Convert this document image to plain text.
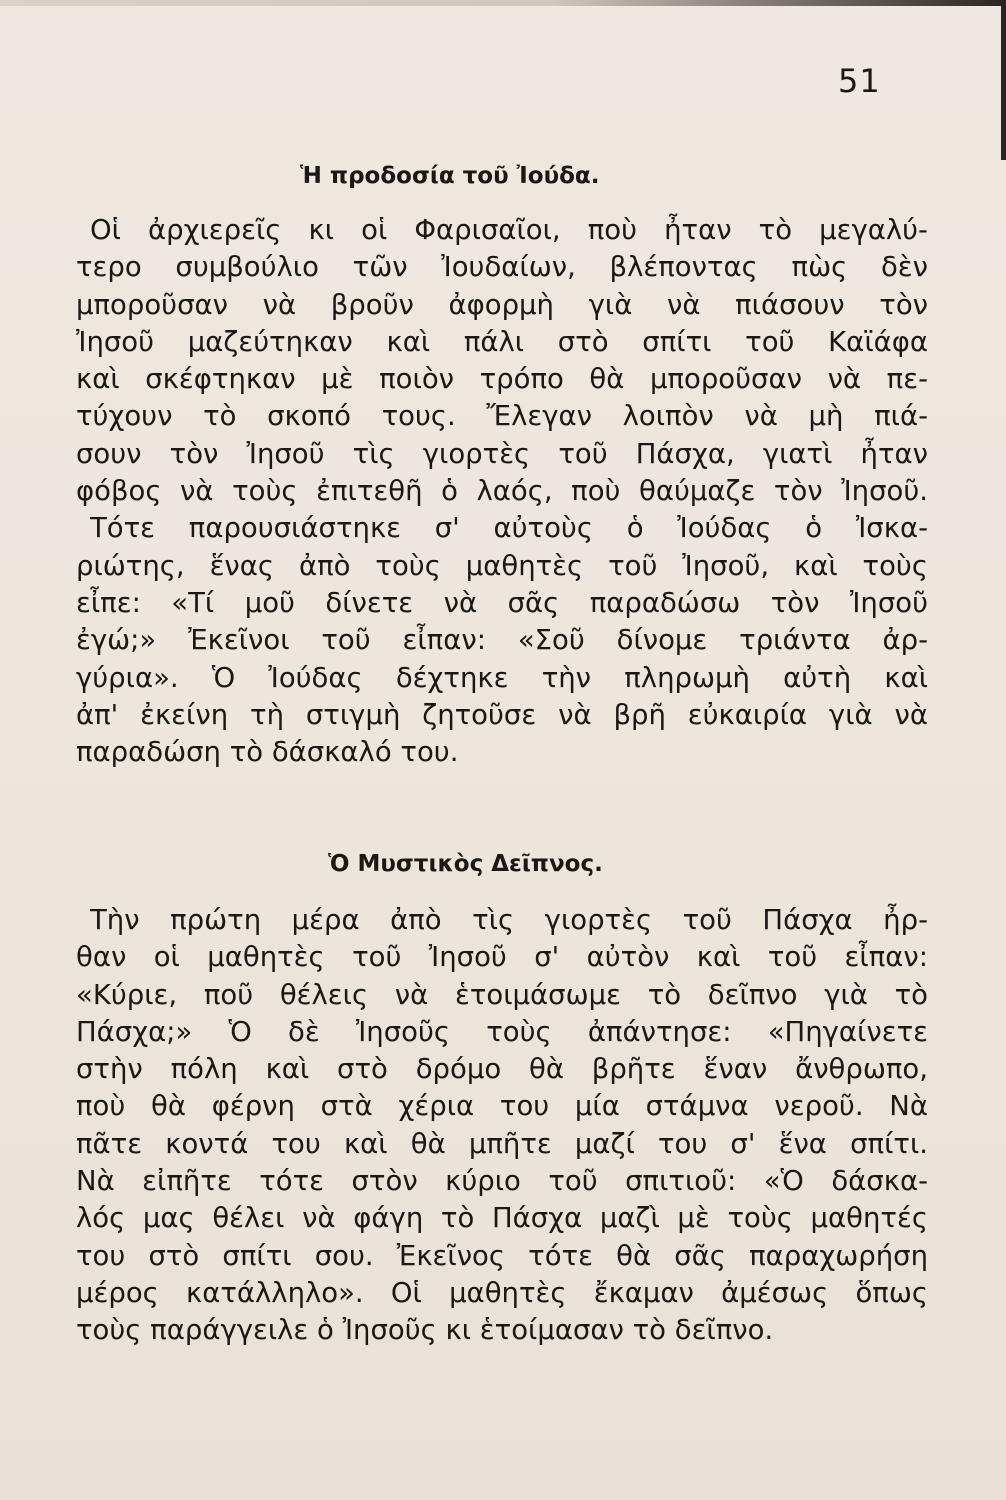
51
Ἡ προδοσία τοῦ Ἰούδα.
Οἱ ἀρχιερεῖς κι οἱ Φαρισαῖοι, ποὺ ἦταν τὸ μεγαλύ-
τερο συμβούλιο τῶν Ἰουδαίων, βλέποντας πὼς δὲν
μποροῦσαν νὰ βροῦν ἀφορμὴ γιὰ νὰ πιάσουν τὸν
Ἰησοῦ μαζεύτηκαν καὶ πάλι στὸ σπίτι τοῦ Καϊάφα
καὶ σκέφτηκαν μὲ ποιὸν τρόπο θὰ μποροῦσαν νὰ πε-
τύχουν τὸ σκοπό τους. Ἔλεγαν λοιπὸν νὰ μὴ πιά-
σουν τὸν Ἰησοῦ τὶς γιορτὲς τοῦ Πάσχα, γιατὶ ἦταν
φόβος νὰ τοὺς ἐπιτεθῆ ὁ λαός, ποὺ θαύμαζε τὸν Ἰησοῦ.
Τότε παρουσιάστηκε σ' αὐτοὺς ὁ Ἰούδας ὁ Ἰσκα-
ριώτης, ἕνας ἀπὸ τοὺς μαθητὲς τοῦ Ἰησοῦ, καὶ τοὺς
εἶπε: «Τί μοῦ δίνετε νὰ σᾶς παραδώσω τὸν Ἰησοῦ
ἐγώ;» Ἐκεῖνοι τοῦ εἶπαν: «Σοῦ δίνομε τριάντα ἀρ-
γύρια». Ὁ Ἰούδας δέχτηκε τὴν πληρωμὴ αὐτὴ καὶ
ἀπ' ἐκείνη τὴ στιγμὴ ζητοῦσε νὰ βρῆ εὐκαιρία γιὰ νὰ
παραδώση τὸ δάσκαλό του.
Ὁ Μυστικὸς Δεῖπνος.
Τὴν πρώτη μέρα ἀπὸ τὶς γιορτὲς τοῦ Πάσχα ἦρ-
θαν οἱ μαθητὲς τοῦ Ἰησοῦ σ' αὐτὸν καὶ τοῦ εἶπαν:
«Κύριε, ποῦ θέλεις νὰ ἑτοιμάσωμε τὸ δεῖπνο γιὰ τὸ
Πάσχα;» Ὁ δὲ Ἰησοῦς τοὺς ἀπάντησε: «Πηγαίνετε
στὴν πόλη καὶ στὸ δρόμο θὰ βρῆτε ἕναν ἄνθρωπο,
ποὺ θὰ φέρνη στὰ χέρια του μία στάμνα νεροῦ. Νὰ
πᾶτε κοντά του καὶ θὰ μπῆτε μαζί του σ' ἕνα σπίτι.
Νὰ εἰπῆτε τότε στὸν κύριο τοῦ σπιτιοῦ: «Ὁ δάσκα-
λός μας θέλει νὰ φάγη τὸ Πάσχα μαζὶ μὲ τοὺς μαθητές
του στὸ σπίτι σου. Ἐκεῖνος τότε θὰ σᾶς παραχωρήση
μέρος κατάλληλο». Οἱ μαθητὲς ἔκαμαν ἀμέσως ὅπως
τοὺς παράγγειλε ὁ Ἰησοῦς κι ἑτοίμασαν τὸ δεῖπνο.
